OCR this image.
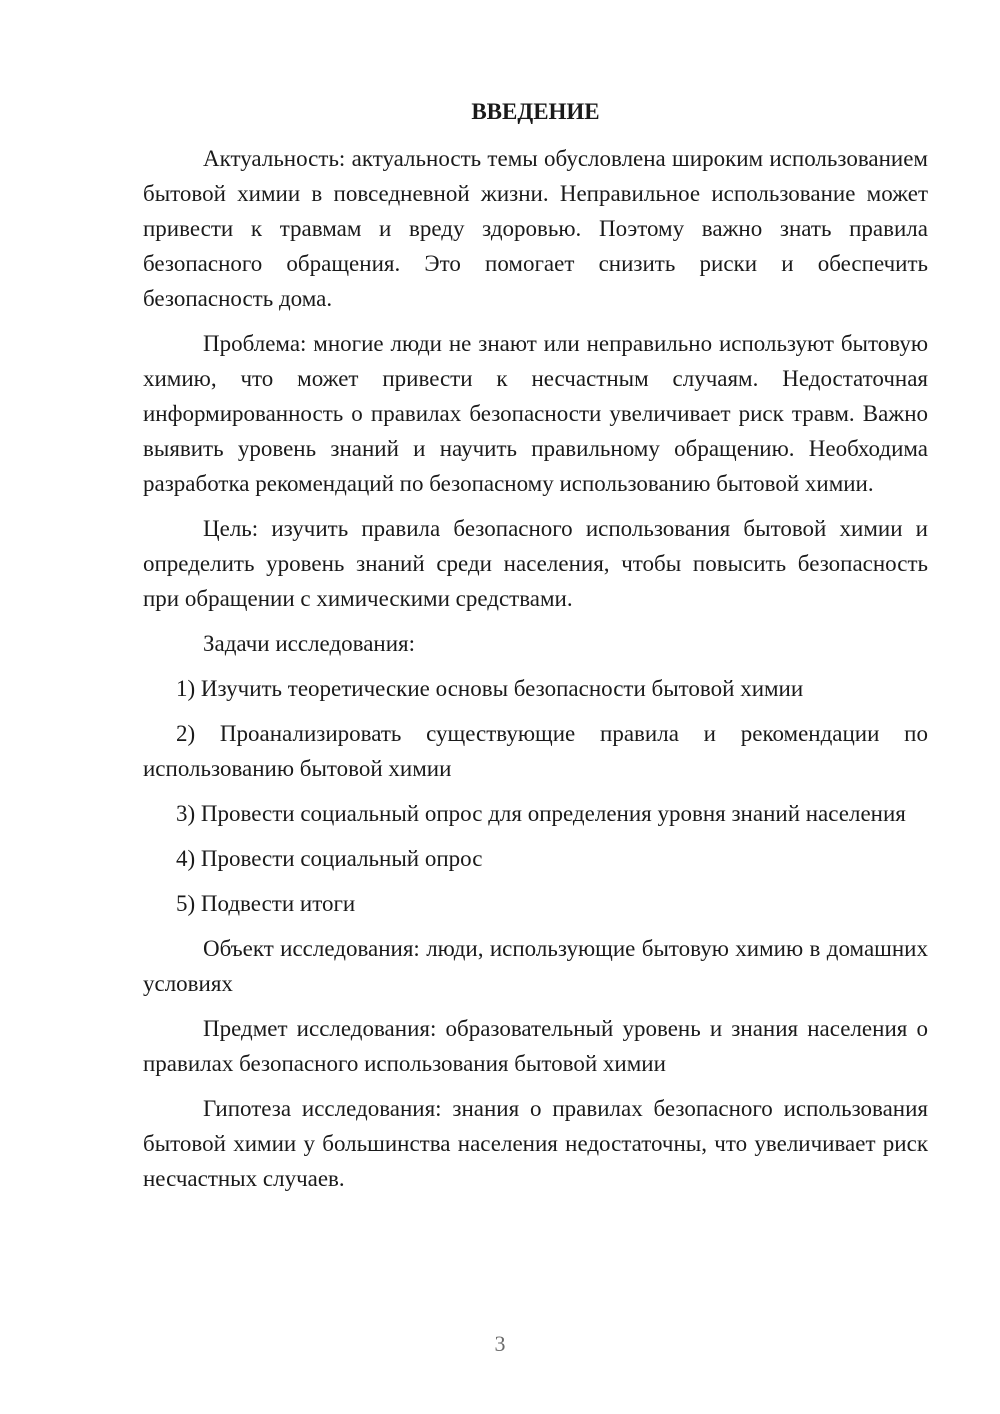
ВВЕДЕНИЕ

Актуальность: актуальность темы обусловлена широким использованием бытовой химии в повседневной жизни. Неправильное использование может привести к травмам и вреду здоровью. Поэтому важно знать правила безопасного обращения. Это помогает снизить риски и обеспечить безопасность дома.

Проблема: многие люди не знают или неправильно используют бытовую химию, что может привести к несчастным случаям. Недостаточная информированность о правилах безопасности увеличивает риск травм. Важно выявить уровень знаний и научить правильному обращению. Необходима разработка рекомендаций по безопасному использованию бытовой химии.

Цель: изучить правила безопасного использования бытовой химии и определить уровень знаний среди населения, чтобы повысить безопасность при обращении с химическими средствами.

Задачи исследования:

1) Изучить теоретические основы безопасности бытовой химии

2) Проанализировать существующие правила и рекомендации по использованию бытовой химии

3) Провести социальный опрос для определения уровня знаний населения

4) Провести социальный опрос

5) Подвести итоги

Объект исследования: люди, использующие бытовую химию в домашних условиях

Предмет исследования: образовательный уровень и знания населения о правилах безопасного использования бытовой химии

Гипотеза исследования: знания о правилах безопасного использования бытовой химии у большинства населения недостаточны, что увеличивает риск несчастных случаев.

3
